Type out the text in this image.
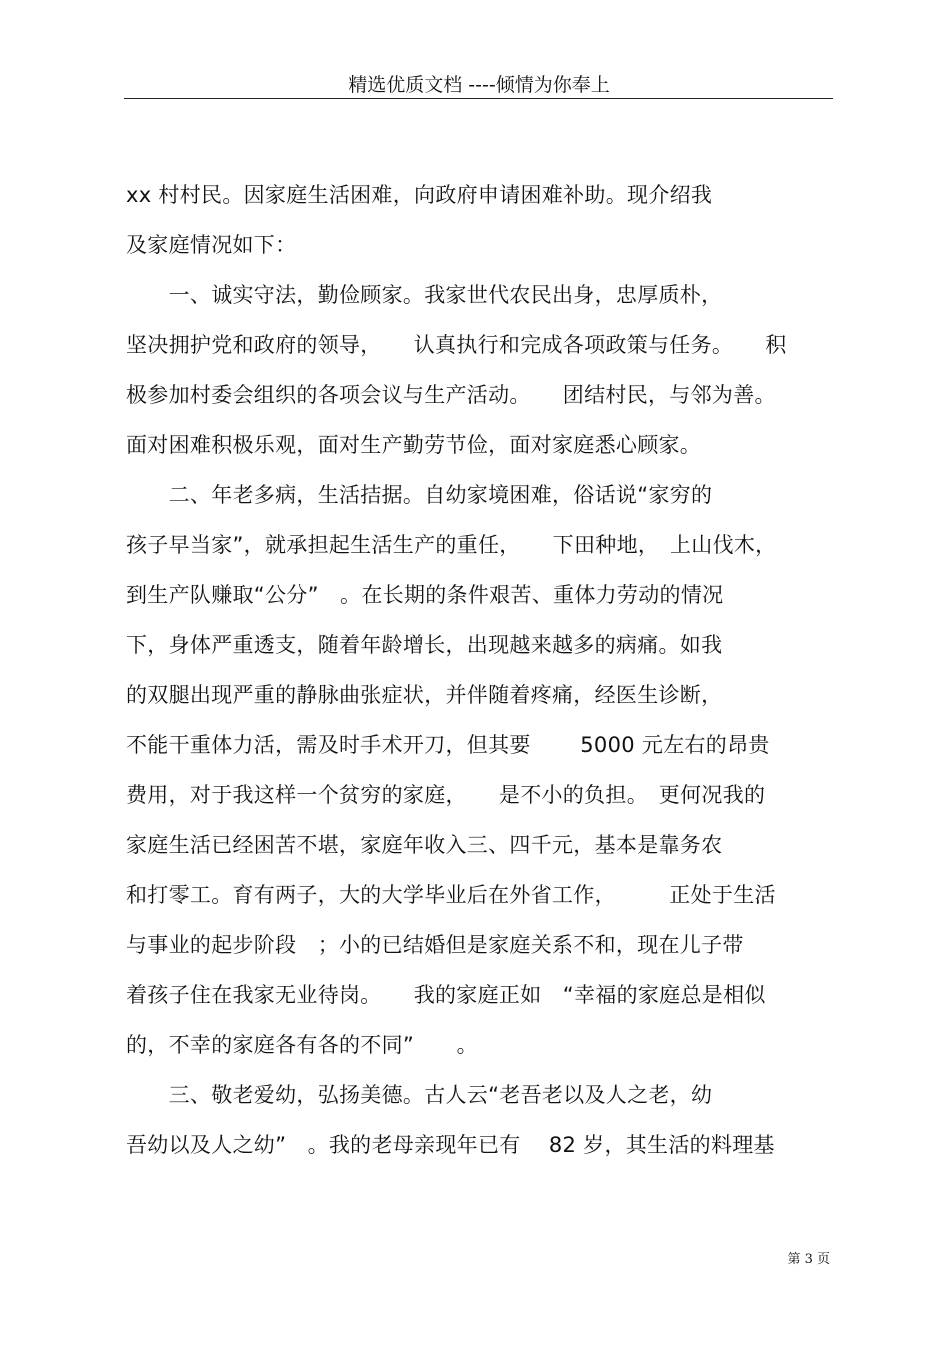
精选优质文档 ----倾情为你奉上
xx 村村民。因家庭生活困难，向政府申请困难补助。现介绍我
及家庭情况如下：
　　一、诚实守法，勤俭顾家。我家世代农民出身，忠厚质朴，
坚决拥护党和政府的领导，　　认真执行和完成各项政策与任务。　　积
极参加村委会组织的各项会议与生产活动。　　团结村民，与邻为善。
面对困难积极乐观，面对生产勤劳节俭，面对家庭悉心顾家。
　　二、年老多病，生活拮据。自幼家境困难，俗话说“家穷的
孩子早当家”，就承担起生活生产的重任，　　下田种地，　上山伐木，
到生产队赚取“公分”　。在长期的条件艰苦、重体力劳动的情况
下，身体严重透支，随着年龄增长，出现越来越多的病痛。如我
的双腿出现严重的静脉曲张症状，并伴随着疼痛，经医生诊断，
不能干重体力活，需及时手术开刀，但其要　　 5000 元左右的昂贵
费用，对于我这样一个贫穷的家庭，　　是不小的负担。　更何况我的
家庭生活已经困苦不堪，家庭年收入三、四千元，基本是靠务农
和打零工。育有两子，大的大学毕业后在外省工作，　　　正处于生活
与事业的起步阶段　；小的已结婚但是家庭关系不和，现在儿子带
着孩子住在我家无业待岗。　　我的家庭正如　“幸福的家庭总是相似
的，不幸的家庭各有各的不同”　　。
　　三、敬老爱幼，弘扬美德。古人云“老吾老以及人之老，幼
吾幼以及人之幼”　。我的老母亲现年已有　 82 岁，其生活的料理基
第 3 页
